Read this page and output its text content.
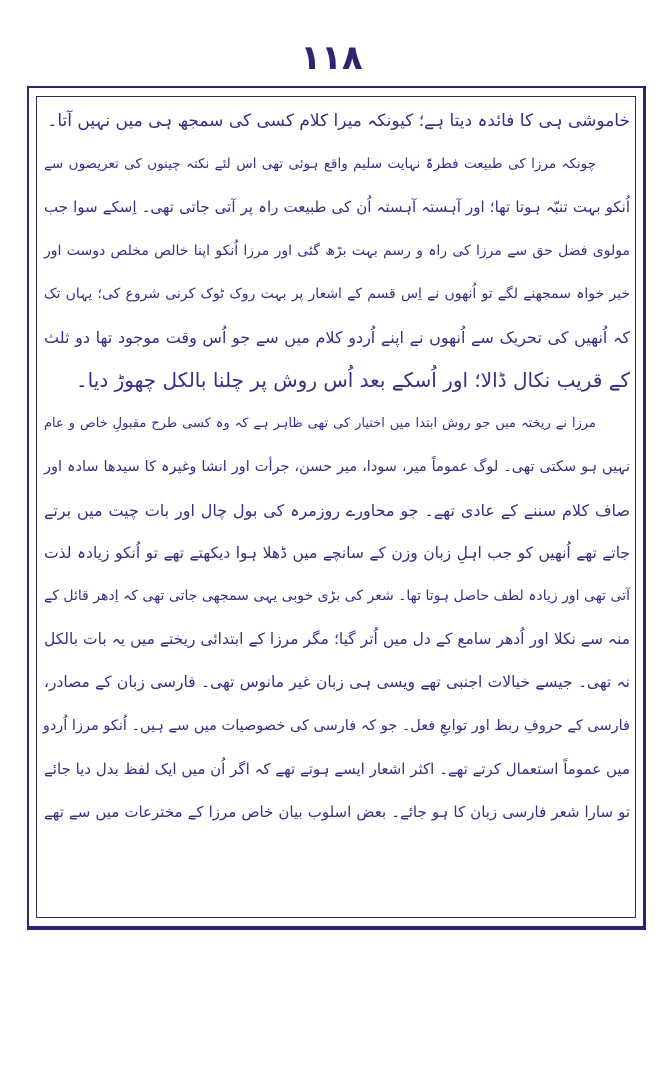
۱۱۸
خاموشی ہی کا فائدہ دیتا ہے؛ کیونکہ میرا کلام کسی کی سمجھ ہی میں نہیں آتا۔
چونکہ مرزا کی طبیعت فطرۃً نہایت سلیم واقع ہوئی تھی اس لئے نکتہ چینوں کی تعریضوں سے
اُنکو بہت تنبّہ ہوتا تھا؛ اور آہستہ آہستہ اُن کی طبیعت راہ پر آتی جاتی تھی۔ اِسکے سوا جب
مولوی فضل حق سے مرزا کی راہ و رسم بہت بڑھ گئی اور مرزا اُنکو اپنا خالص مخلص دوست اور
خیر خواہ سمجھنے لگے تو اُنھوں نے اِس قسم کے اشعار پر بہت روک ٹوک کرنی شروع کی؛ یہاں تک
کہ اُنھیں کی تحریک سے اُنھوں نے اپنے اُردو کلام میں سے جو اُس وقت موجود تھا دو ثلث
کے قریب نکال ڈالا؛ اور اُسکے بعد اُس روش پر چلنا بالکل چھوڑ دیا۔
مرزا نے ریختہ میں جو روش ابتدا میں اختیار کی تھی ظاہر ہے کہ وہ کسی طرح مقبولِ خاص و عام
نہیں ہو سکتی تھی۔ لوگ عموماً میر، سودا، میر حسن، جرأت اور انشا وغیرہ کا سیدھا سادہ اور
صاف کلام سننے کے عادی تھے۔ جو محاورے روزمرہ کی بول چال اور بات چیت میں برتے
جاتے تھے اُنھیں کو جب اہلِ زبان وزن کے سانچے میں ڈھلا ہوا دیکھتے تھے تو اُنکو زیادہ لذت
آتی تھی اور زیادہ لطف حاصل ہوتا تھا۔ شعر کی بڑی خوبی یہی سمجھی جاتی تھی کہ اِدھر قائل کے
منہ سے نکلا اور اُدھر سامع کے دل میں اُتر گیا؛ مگر مرزا کے ابتدائی ریختے میں یہ بات بالکل
نہ تھی۔ جیسے خیالات اجنبی تھے ویسی ہی زبان غیر مانوس تھی۔ فارسی زبان کے مصادر،
فارسی کے حروفِ ربط اور توابعِ فعل۔ جو کہ فارسی کی خصوصیات میں سے ہیں۔ اُنکو مرزا اُردو
میں عموماً استعمال کرتے تھے۔ اکثر اشعار ایسے ہوتے تھے کہ اگر اُن میں ایک لفظ بدل دیا جائے
تو سارا شعر فارسی زبان کا ہو جائے۔ بعض اسلوب بیان خاص مرزا کے مخترعات میں سے تھے
